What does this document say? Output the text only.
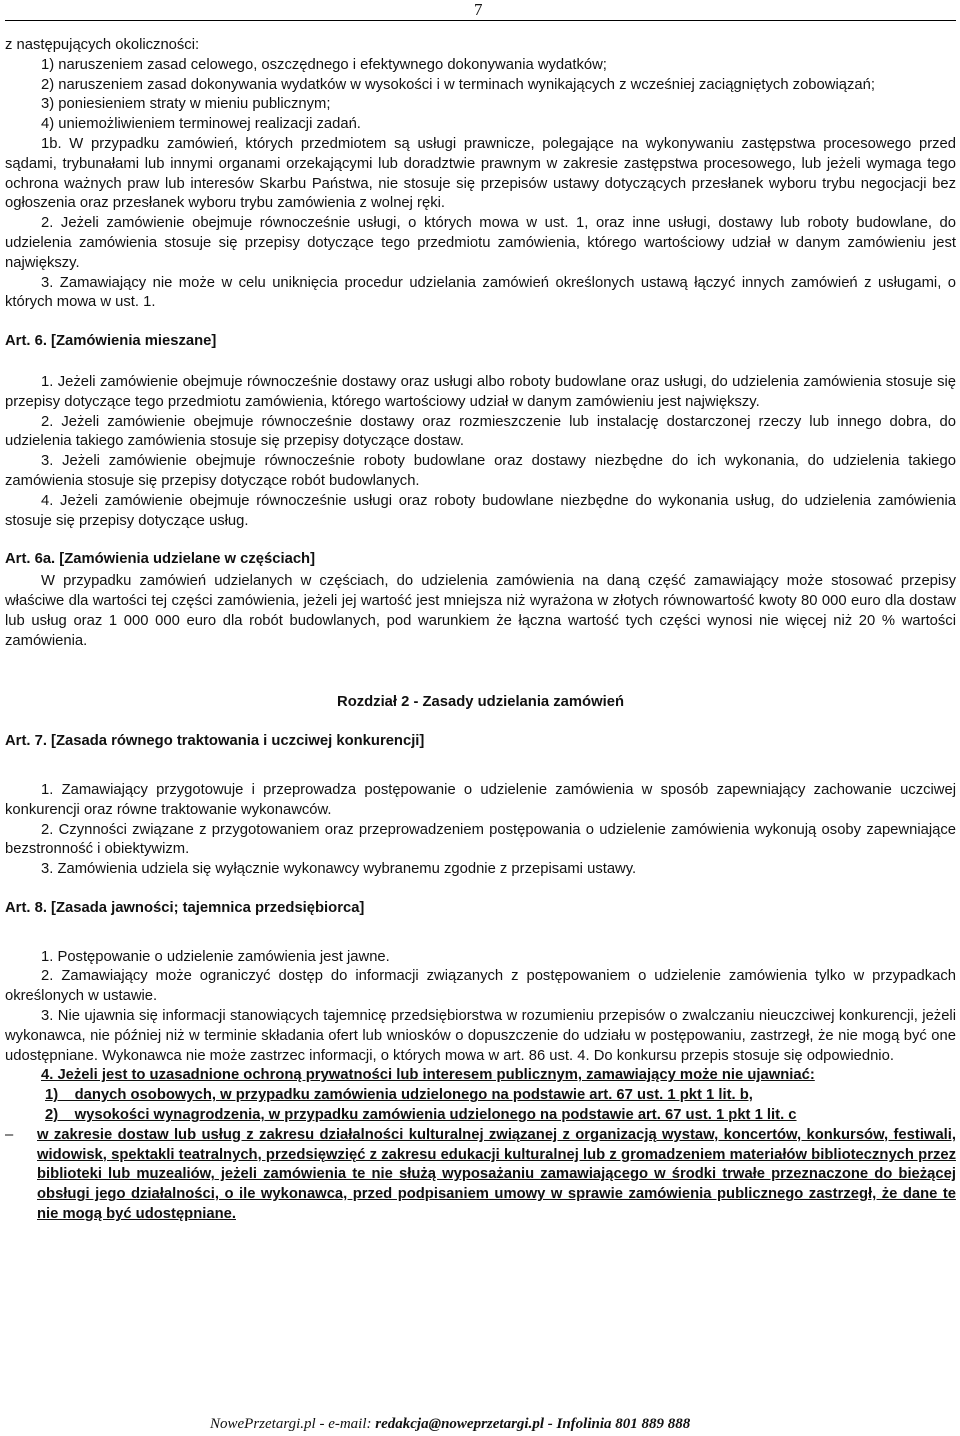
7

z następujących okoliczności:

1) naruszeniem zasad celowego, oszczędnego i efektywnego dokonywania wydatków;

2) naruszeniem zasad dokonywania wydatków w wysokości i w terminach wynikających z wcześniej zaciągniętych zobowiązań;

3) poniesieniem straty w mieniu publicznym;

4) uniemożliwieniem terminowej realizacji zadań.

1b. W przypadku zamówień, których przedmiotem są usługi prawnicze, polegające na wykonywaniu zastępstwa procesowego przed sądami, trybunałami lub innymi organami orzekającymi lub doradztwie prawnym w zakresie zastępstwa procesowego, lub jeżeli wymaga tego ochrona ważnych praw lub interesów Skarbu Państwa, nie stosuje się przepisów ustawy dotyczących przesłanek wyboru trybu negocjacji bez ogłoszenia oraz przesłanek wyboru trybu zamówienia z wolnej ręki.

2. Jeżeli zamówienie obejmuje równocześnie usługi, o których mowa w ust. 1, oraz inne usługi, dostawy lub roboty budowlane, do udzielenia zamówienia stosuje się przepisy dotyczące tego przedmiotu zamówienia, którego wartościowy udział w danym zamówieniu jest największy.

3. Zamawiający nie może w celu uniknięcia procedur udzielania zamówień określonych ustawą łączyć innych zamówień z usługami, o których mowa w ust. 1.

Art. 6. [Zamówienia mieszane]

1. Jeżeli zamówienie obejmuje równocześnie dostawy oraz usługi albo roboty budowlane oraz usługi, do udzielenia zamówienia stosuje się przepisy dotyczące tego przedmiotu zamówienia, którego wartościowy udział w danym zamówieniu jest największy.

2. Jeżeli zamówienie obejmuje równocześnie dostawy oraz rozmieszczenie lub instalację dostarczonej rzeczy lub innego dobra, do udzielenia takiego zamówienia stosuje się przepisy dotyczące dostaw.

3. Jeżeli zamówienie obejmuje równocześnie roboty budowlane oraz dostawy niezbędne do ich wykonania, do udzielenia takiego zamówienia stosuje się przepisy dotyczące robót budowlanych.

4. Jeżeli zamówienie obejmuje równocześnie usługi oraz roboty budowlane niezbędne do wykonania usług, do udzielenia zamówienia stosuje się przepisy dotyczące usług.

Art. 6a. [Zamówienia udzielane w częściach]

W przypadku zamówień udzielanych w częściach, do udzielenia zamówienia na daną część zamawiający może stosować przepisy właściwe dla wartości tej części zamówienia, jeżeli jej wartość jest mniejsza niż wyrażona w złotych równowartość kwoty 80 000 euro dla dostaw lub usług oraz 1 000 000 euro dla robót budowlanych, pod warunkiem że łączna wartość tych części wynosi nie więcej niż 20 % wartości zamówienia.

Rozdział 2 - Zasady udzielania zamówień

Art. 7. [Zasada równego traktowania i uczciwej konkurencji]

1. Zamawiający przygotowuje i przeprowadza postępowanie o udzielenie zamówienia w sposób zapewniający zachowanie uczciwej konkurencji oraz równe traktowanie wykonawców.

2. Czynności związane z przygotowaniem oraz przeprowadzeniem postępowania o udzielenie zamówienia wykonują osoby zapewniające bezstronność i obiektywizm.

3. Zamówienia udziela się wyłącznie wykonawcy wybranemu zgodnie z przepisami ustawy.

Art. 8. [Zasada jawności; tajemnica przedsiębiorca]

1. Postępowanie o udzielenie zamówienia jest jawne.

2. Zamawiający może ograniczyć dostęp do informacji związanych z postępowaniem o udzielenie zamówienia tylko w przypadkach określonych w ustawie.

3. Nie ujawnia się informacji stanowiących tajemnicę przedsiębiorstwa w rozumieniu przepisów o zwalczaniu nieuczciwej konkurencji, jeżeli wykonawca, nie później niż w terminie składania ofert lub wniosków o dopuszczenie do udziału w postępowaniu, zastrzegł, że nie mogą być one udostępniane. Wykonawca nie może zastrzec informacji, o których mowa w art. 86 ust. 4. Do konkursu przepis stosuje się odpowiednio.

4. Jeżeli jest to uzasadnione ochroną prywatności lub interesem publicznym, zamawiający może nie ujawniać:

1)    danych osobowych, w przypadku zamówienia udzielonego na podstawie art. 67 ust. 1 pkt 1 lit. b,

2)    wysokości wynagrodzenia, w przypadku zamówienia udzielonego na podstawie art. 67 ust. 1 pkt 1 lit. c

– w zakresie dostaw lub usług z zakresu działalności kulturalnej związanej z organizacją wystaw, koncertów, konkursów, festiwali, widowisk, spektakli teatralnych, przedsięwzięć z zakresu edukacji kulturalnej lub z gromadzeniem materiałów bibliotecznych przez biblioteki lub muzealiów, jeżeli zamówienia te nie służą wyposażaniu zamawiającego w środki trwałe przeznaczone do bieżącej obsługi jego działalności, o ile wykonawca, przed podpisaniem umowy w sprawie zamówienia publicznego zastrzegł, że dane te nie mogą być udostępniane.

NowePrzetargi.pl - e-mail: redakcja@noweprzetargi.pl - Infolinia 801 889 888
